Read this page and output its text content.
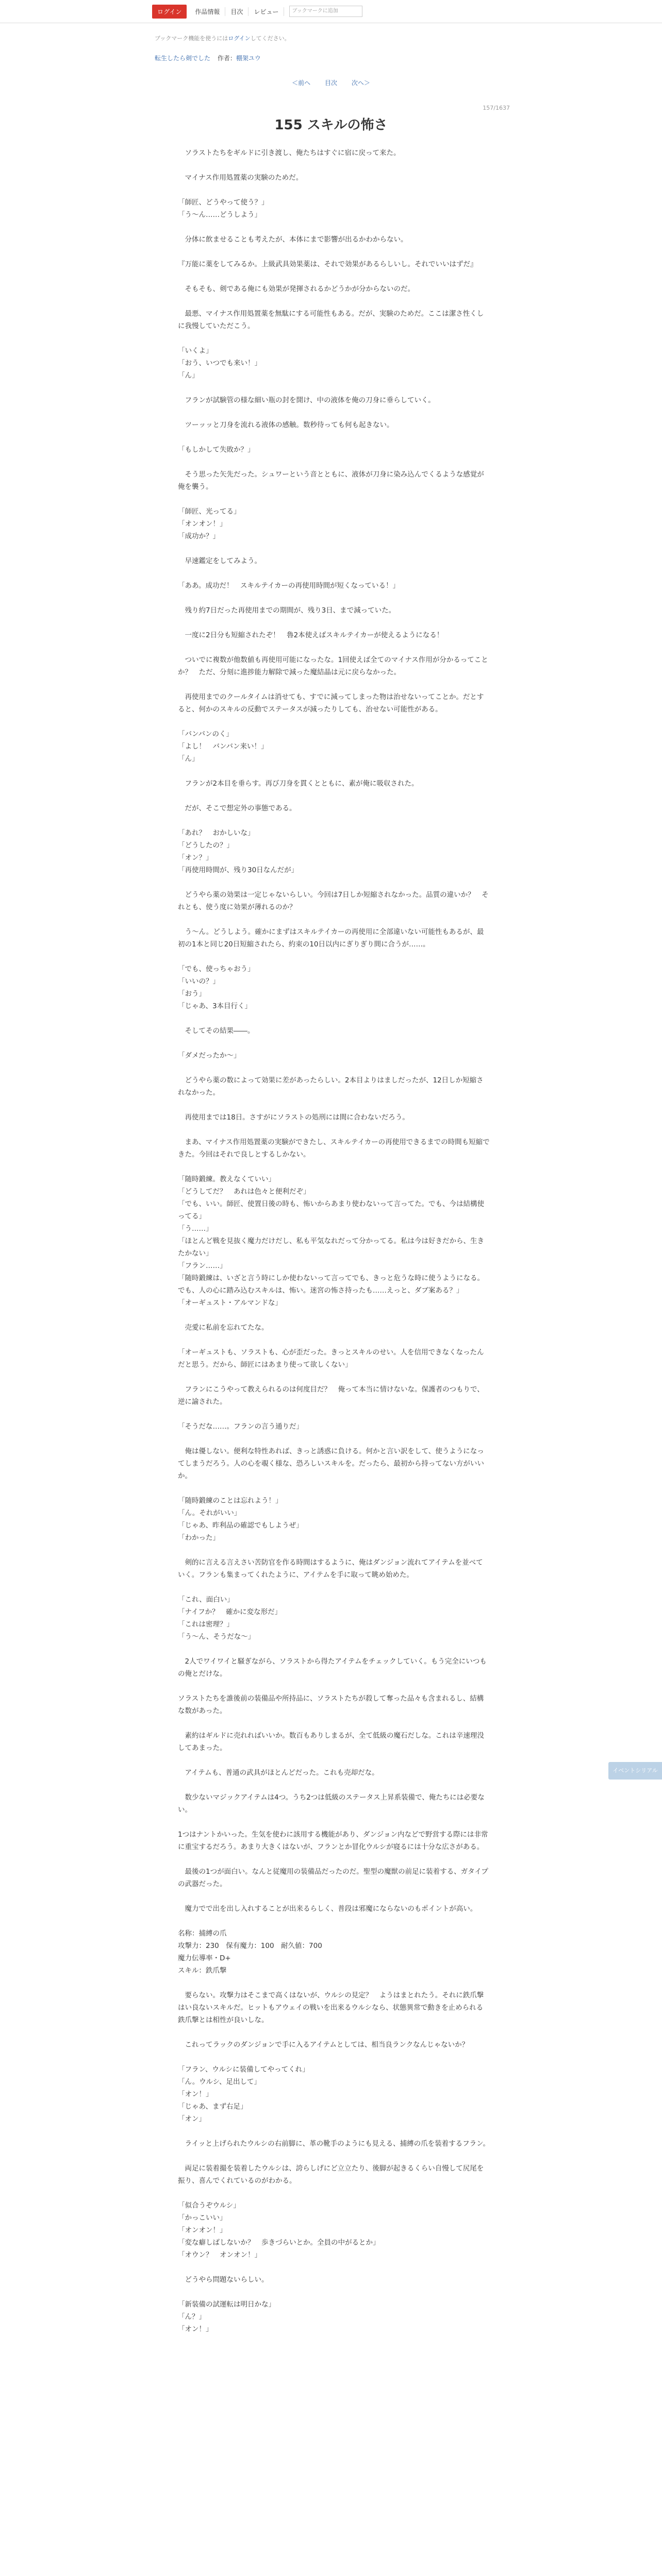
ログイン	作品情報	目次	レビュー	ブックマークに追加
ブックマーク機能を使うにはログインしてください。
転生したら剣でした 作者：棚架ユウ
＜前へ 目次 次へ＞
157/1637
155 スキルの怖さ

　ソラストたちをギルドに引き渡し、俺たちはすぐに宿に戻って来た。

　マイナス作用処置薬の実験のためだ。

「師匠、どうやって使う？」

「う〜ん……どうしよう」

　分体に飲ませることも考えたが、本体にまで影響が出るかわからない。

『万能に薬をしてみるか。上級武具効果薬は、それで効果があるらしいし。それでいいはずだ』

　そもそも、剣である俺にも効果が発揮されるかどうかが分からないのだ。

　最悪、マイナス作用処置薬を無駄にする可能性もある。だが、実験のためだ。ここは潔さ性くしに我慢していただこう。

「いくよ」

「おう、いつでも来い！」

「ん」

　フランが試験管の様な細い瓶の封を開け、中の液体を俺の刀身に垂らしていく。

　ツーッッと刀身を流れる液体の感触。数秒待っても何も起きない。

「もしかして失敗か？」

　そう思った矢先だった。シュワーという音とともに、液体が刀身に染み込んでくるような感覚が俺を襲う。

「師匠、光ってる」

「オンオン！」

「成功か？」

　早速鑑定をしてみよう。

「ああ。成功だ！　スキルテイカーの再使用時間が短くなっている！」

　残り約7日だった再使用までの期間が、残り3日、まで減っていた。

　一度に2日分も短縮されたぞ！　魯2本使えばスキルテイカーが使えるようになる！

　ついでに複数が他数値も再使用可能になったな。1回使えば全てのマイナス作用が分かるってことか？　ただ、分刻に進捗能力解除で減った魔結晶は元に戻らなかった。

　再使用までのクールタイムは消せても、すでに減ってしまった物は治せないってことか。だとすると、何かのスキルの反動でステータスが減ったりしても、治せない可能性がある。

「バンバンのく」

「よし！　バンバン来い！」

「ん」

　フランが2本目を垂らす。再び刀身を貫くとともに、素が俺に吸収された。

　だが、そこで想定外の事態である。

「あれ？　おかしいな」

「どうしたの？」

「オン？」

「再使用時間が、残り30日なんだが」

　どうやら薬の効果は一定じゃないらしい。今回は7日しか短縮されなかった。品質の違いか？　それとも、使う度に効果が薄れるのか？

　う〜ん。どうしよう。確かにまずはスキルテイカーの再使用に全部違いない可能性もあるが、最初の1本と同じ20日短縮されたら、約束の10日以内にぎりぎり間に合うが……。

「でも、使っちゃおう」

「いいの？」

「おう」

「じゃあ、3本目行く」

　そしてその結果――。

「ダメだったか～」

　どうやら薬の数によって効果に差があったらしい。2本目よりはましだったが、12日しか短縮されなかった。

　再使用までは18日。さすがにソラストの処刑には間に合わないだろう。

　まあ、マイナス作用処置薬の実験ができたし、スキルテイカーの再使用できるまでの時間も短縮できた。今回はそれで良しとするしかない。

「随時鍛練。教えなくていい」

「どうしてだ？　あれは色々と便利だぞ」

「でも、いい。師匠、使置日後の時も、怖いからあまり使わないって言ってた。でも、今は結構使ってる」

「う……」

「ほとんど戦を見抜く魔力だけだし、私も平気なれだって分かってる。私は今は好きだから、生きたかない」

「フラン……」

「随時鍛練は、いざと言う時にしか使わないって言ってでも、きっと危うな時に使うようになる。でも、人の心に踏み込むスキルは、怖い。迷宮の怖さ持ったも……えっと、ダブ案ある？」

「オーギュスト・アルマンドな」

　売愛に私前を忘れてたな。

「オーギュストも、ソラストも、心が歪だった。きっとスキルのせい。人を信用できなくなったんだと思う。だから、師匠にはあまり使って欲しくない」

　フランにこうやって教えられるのは何度目だ？　俺って本当に情けないな。保護者のつもりで、逆に諭された。

「そうだな……。フランの言う通りだ」

　俺は優しない。便利な特性あれば、きっと誘惑に負ける。何かと言い訳をして、使うようになってしまうだろう。人の心を覗く様な、恐ろしいスキルを。だったら、最初から持ってない方がいいか。

「随時鍛練のことは忘れよう！」

「ん。それがいい」

「じゃあ、昨利品の確認でもしようぜ」

「わかった」

　剣的に言える言えさい苦防官を作る時間はするように、俺はダンジョン流れてアイテムを並べていく。フランも集まってくれたように、アイテムを手に取って眺め始めた。

「これ、面白い」

「ナイフか？　確かに変な形だ」

「これは密理？」

「う〜ん、そうだな～」

　2人でワイワイと騒ぎながら、ソラストから得たアイテムをチェックしていく。もう完全にいつもの俺とだけな。

ソラストたちを誰後前の装備品や所持品に、ソラストたちが殺して奪った品々も含まれるし、結構な数があった。

　素約はギルドに売れればいいか。数百もありしまるが、全て低級の魔石だしな。これは辛速理没してあまった。

　アイテムも、普通の武具がほとんどだった。これも売却だな。

　数少ないマジックアイテムは4つ。うち2つは低級のステータス上昇系装備で、俺たちには必要ない。

1つはナントかいった。生気を使わに該用する機能があり、ダンジョン内などで野営する際には非常に重宝するだろう。あまり大きくはないが、フランとか冒化ウルシが寝るには十分な広さがある。

　最後の1つが面白い。なんと従魔用の装備品だったのだ。聖型の魔獣の前足に装着する、ガタイプの武器だった。

　魔力でで出を出し入れすることが出来るらしく、普段は邪魔にならないのもポイントが高い。

名称：捕縛の爪

攻撃力：230　保有魔力：100　耐久値：700

魔力伝導率・D+

スキル：鉄爪撃

　要らない。攻撃力はそこまで高くはないが、ウルシの見定？　ようはまとれたう。それに鉄爪撃はい良ないスキルだ。ヒットもアウェイの戦いを出来るウルシなら、状態異常で動きを止められる鉄爪撃とは相性が良いしな。

　これってラックのダンジョンで手に入るアイテムとしては、相当良ランクなんじゃないか？

「フラン、ウルシに装備してやってくれ」

「ん。ウルシ、足出して」

「オン！」

「じゃあ、まず右足」

「オン」

　ライッと上げられたウルシの右前脚に、革の靴手のようにも見える、捕縛の爪を装着するフラン。

　両足に装着撮を装着したウルシは、誇らしげにど立立たり、後脚が起きるくらい自慢して尻尾を振り、喜んでくれているのがわかる。

「似合うぞウルシ」

「かっこいい」

「オンオン！」

「変な癖しばしないか？　歩きづらいとか。全員の中がるとか」

「オウン？　オンオン！」

　どうやら問題ないらしい。

「新装備の試運転は明日かな」

「ん？」

「オン！」

イベントシリアル
